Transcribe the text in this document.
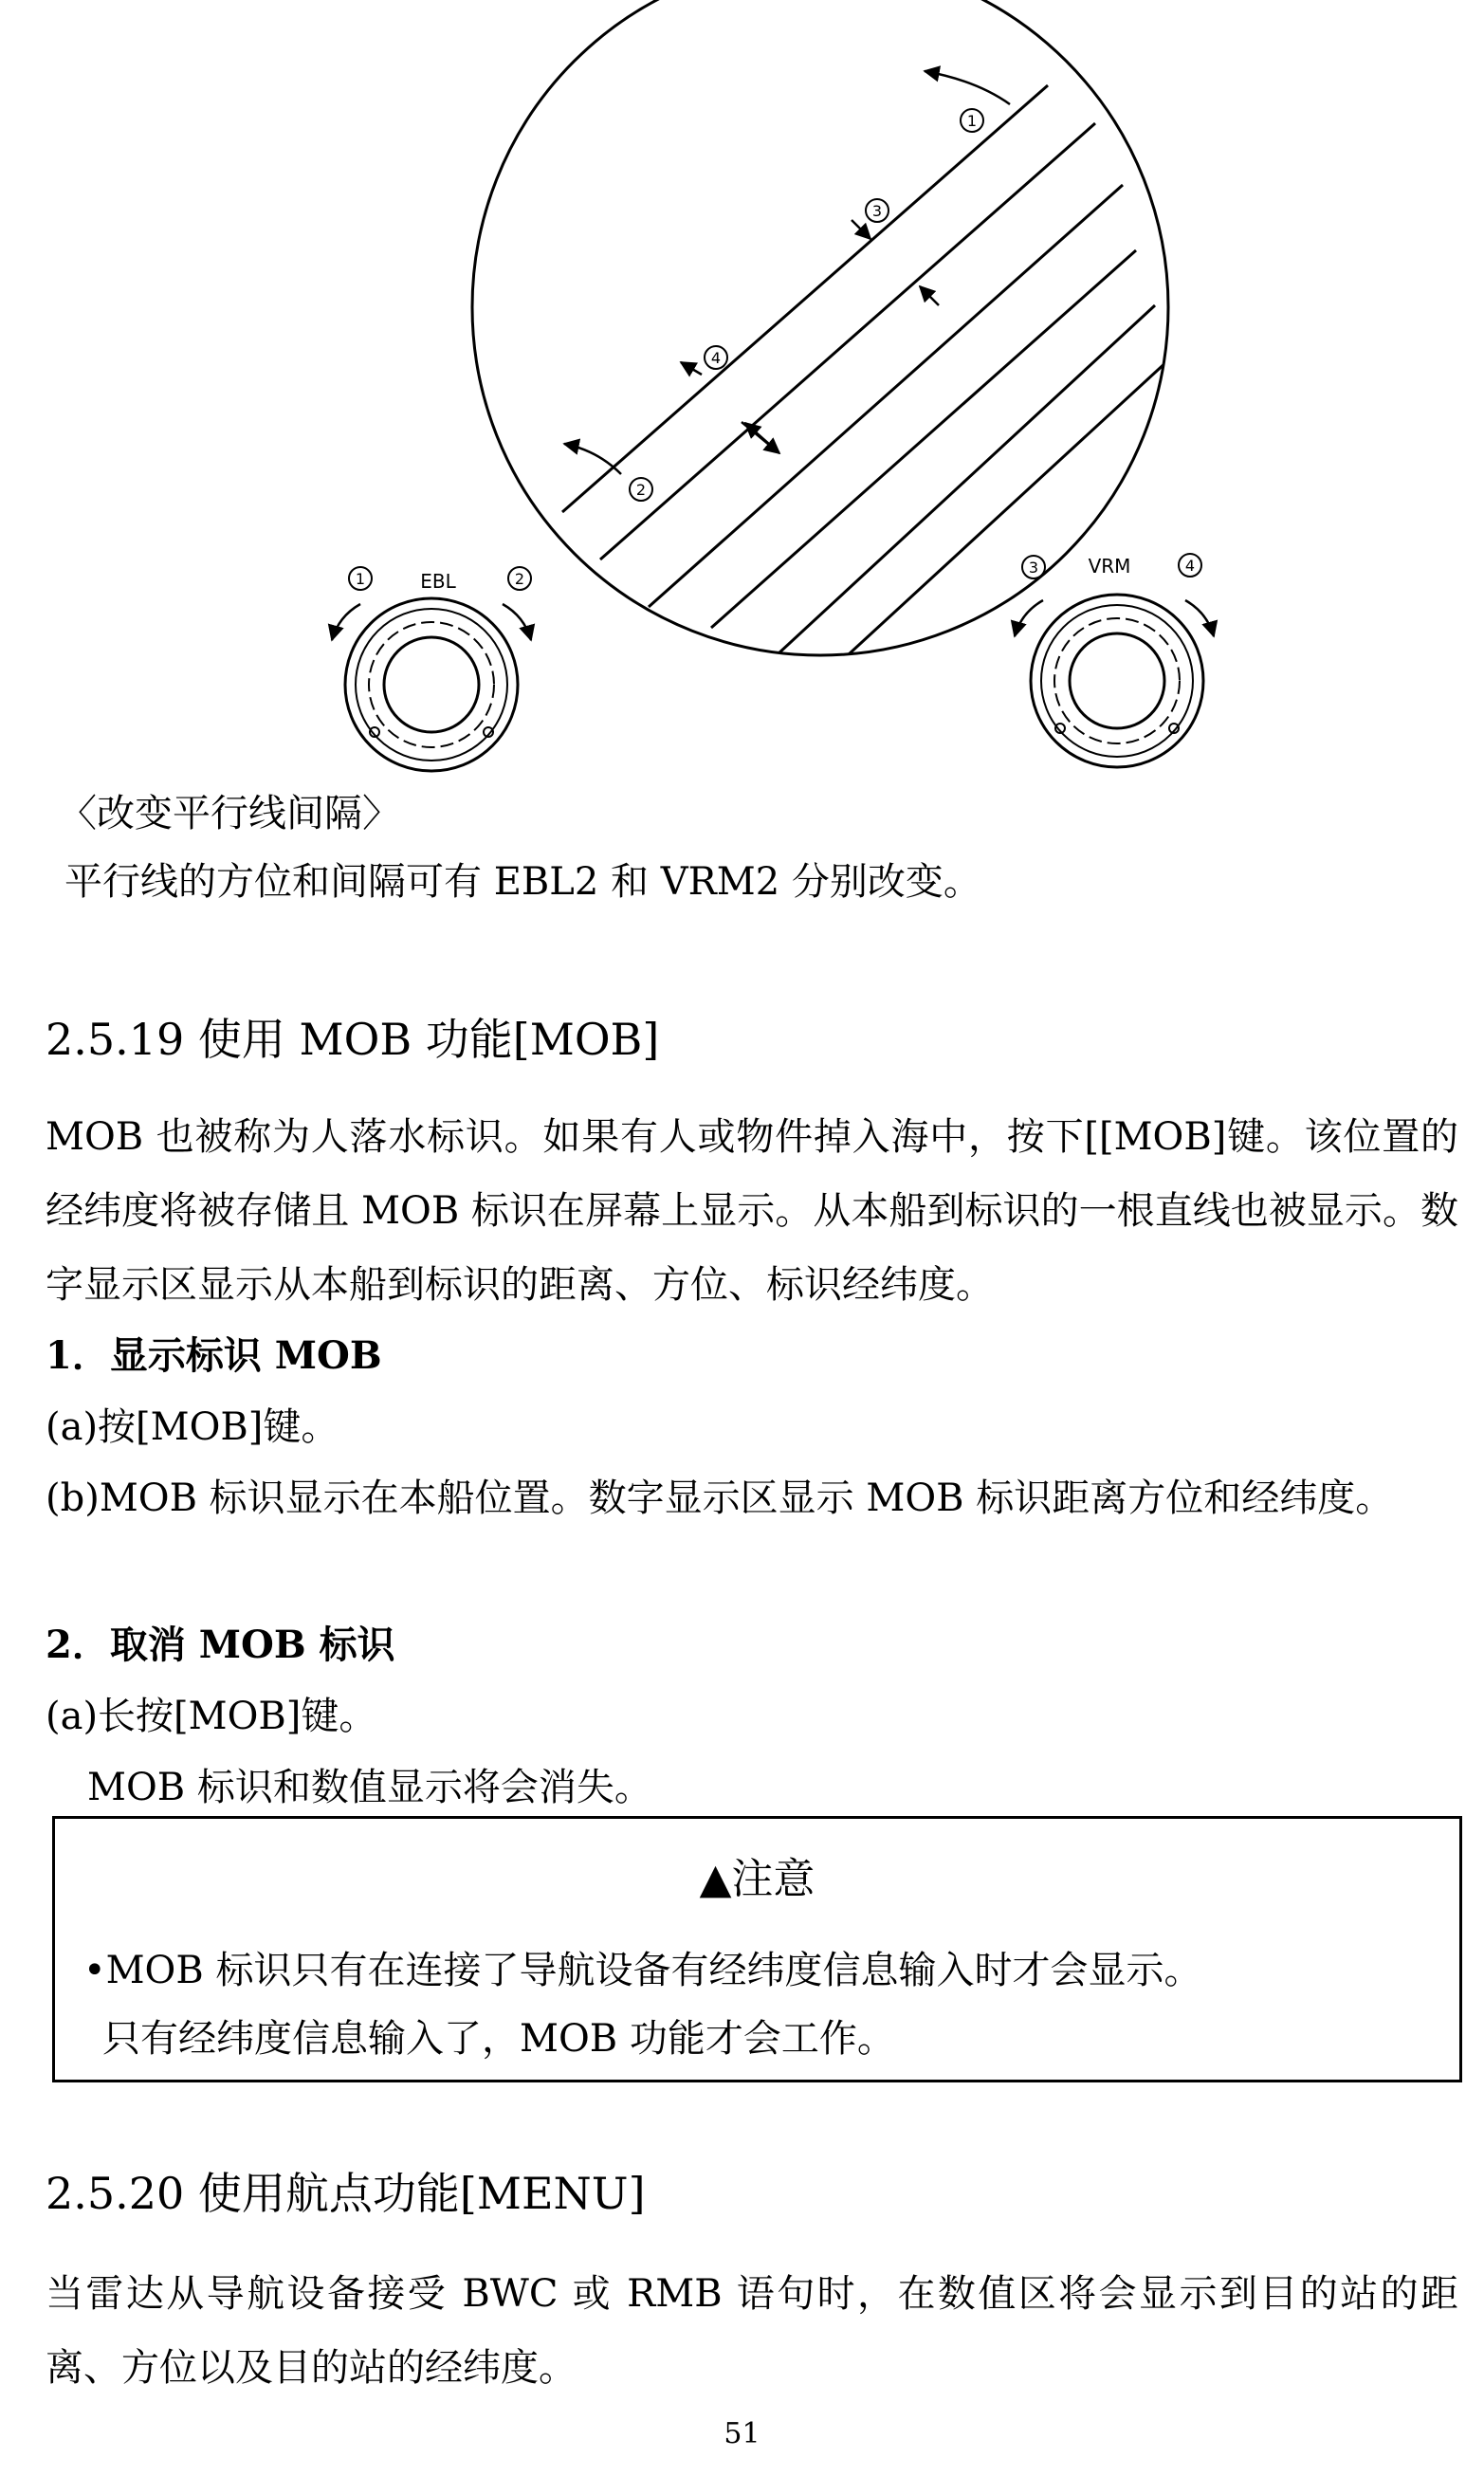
1
3
4
2
EBL
1	2
VRM
3	4

〈改变平行线间隔〉

平行线的方位和间隔可有 EBL2 和 VRM2 分别改变。

2.5.19 使用 MOB 功能[MOB]

MOB 也被称为人落水标识。如果有人或物件掉入海中，按下[[MOB]键。该位置的经纬度将被存储且 MOB 标识在屏幕上显示。从本船到标识的一根直线也被显示。数字显示区显示从本船到标识的距离、方位、标识经纬度。

1．显示标识 MOB

(a)按[MOB]键。

(b)MOB 标识显示在本船位置。数字显示区显示 MOB 标识距离方位和经纬度。

2．取消 MOB 标识

(a)长按[MOB]键。

MOB 标识和数值显示将会消失。

▲注意
•MOB 标识只有在连接了导航设备有经纬度信息输入时才会显示。
只有经纬度信息输入了，MOB 功能才会工作。
2.5.20 使用航点功能[MENU]

当雷达从导航设备接受 BWC 或 RMB 语句时，在数值区将会显示到目的站的距离、方位以及目的站的经纬度。

51
